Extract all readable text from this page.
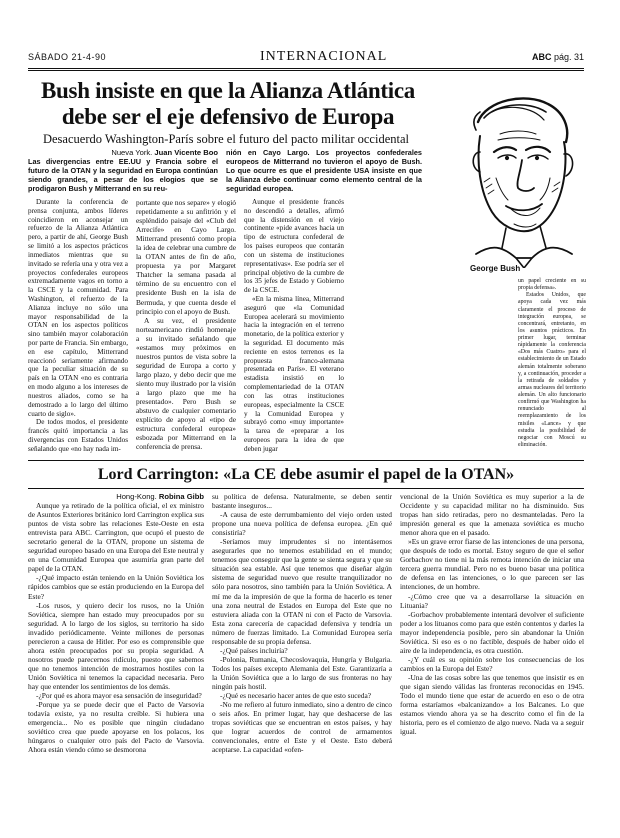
SÁBADO 21-4-90	INTERNACIONAL	ABC pág. 31
Bush insiste en que la Alianza Atlántica
debe ser el eje defensivo de Europa
Desacuerdo Washington-París sobre el futuro del pacto militar occidental
George Bush
Nueva York. Juan Vicente Boo

Las divergencias entre EE.UU y Francia sobre el futuro de la OTAN y la seguridad en Europa continúan siendo grandes, a pesar de los elogios que se prodigaron Bush y Mitterrand en su reu-

nión en Cayo Largo. Los proyectos confederales europeos de Mitterrand no tuvieron el apoyo de Bush. Lo que ocurre es que el presidente USA insiste en que la Alianza debe continuar como elemento central de la seguridad europea.

Durante la conferencia de prensa conjunta, ambos líderes coincidieron en aconsejar un refuerzo de la Alianza Atlántica pero, a partir de ahí, George Bush se limitó a los aspectos prácticos inmediatos mientras que su invitado se refería una y otra vez a proyectos confederales europeos extremadamente vagos en torno a la CSCE y la comunidad. Para Washington, el refuerzo de la Alianza incluye no sólo una mayor responsabilidad de la OTAN en los aspectos políticos sino también mayor colaboración por parte de Francia. Sin embargo, en ese capítulo, Mitterrand reaccionó seriamente afirmando que la peculiar situación de su país en la OTAN «no es contraria en modo alguno a los intereses de nuestros aliados, como se ha demostrado a lo largo del último cuarto de siglo».

De todos modos, el presidente francés quitó importancia a las divergencias con Estados Unidos señalando que «no hay nada im-

portante que nos separe» y elogió repetidamente a su anfitrión y el espléndido paisaje del «Club del Arrecife» en Cayo Largo. Mitterrand presentó como propia la idea de celebrar una cumbre de la OTAN antes de fin de año, propuesta ya por Margaret Thatcher la semana pasada al término de su encuentro con el presidente Bush en la isla de Bermuda, y que cuenta desde el principio con el apoyo de Bush.

A su vez, el presidente norteamericano rindió homenaje a su invitado señalando que «estamos muy próximos en nuestros puntos de vista sobre la seguridad de Europa a corto y largo plazo, y debo decir que me siento muy ilustrado por la visión a largo plazo que me ha presentado». Pero Bush se abstuvo de cualquier comentario explícito de apoyo al «tipo de estructura confederal europea» esbozada por Mitterrand en la conferencia de prensa.

Aunque el presidente francés no descendió a detalles, afirmó que la distensión en el viejo continente «pide avances hacia un tipo de estructura confederal de los países europeos que contarán con un sistema de instituciones representativas». Ese podría ser el principal objetivo de la cumbre de los 35 jefes de Estado y Gobierno de la CSCE.

«En la misma línea, Mitterrand aseguró que «la Comunidad Europea acelerará su movimiento hacia la integración en el terreno monetario, de la política exterior y la seguridad. El documento más reciente en estos terrenos es la propuesta franco-alemana presentada en París». El veterano estadista insistió en lo complementariedad de la OTAN con las otras instituciones europeas, especialmente la CSCE y la Comunidad Europea y subrayó como «muy importante» la tarea de «preparar a los europeos para la idea de que deben jugar

un papel creciente en su propia defensa».

Estados Unidos, que apoya cada vez más claramente el proceso de integración europea, se concentrará, entretanto, en los asuntos prácticos. En primer lugar, terminar rápidamente la conferencia «Dos más Cuatro» para el establecimiento de un Estado alemán totalmente soberano y, a continuación, proceder a la retirada de soldados y armas nucleares del territorio alemán. Un alto funcionario confirmó que Washington ha renunciado al reemplazamiento de los misiles «Lance» y que estudia la posibilidad de negociar con Moscú su eliminación.

Lord Carrington: «La CE debe asumir el papel de la OTAN»
Hong-Kong. Robina Gibb

Aunque ya retirado de la política oficial, el ex ministro de Asuntos Exteriores británico lord Carrington explica sus puntos de vista sobre las relaciones Este-Oeste en esta entrevista para ABC. Carrington, que ocupó el puesto de secretario general de la OTAN, propone un sistema de seguridad europeo basado en una Europa del Este neutral y en una Comunidad Europea que asumiría gran parte del papel de la OTAN.

-¿Qué impacto están teniendo en la Unión Soviética los rápidos cambios que se están produciendo en la Europa del Este?

-Los rusos, y quiero decir los rusos, no la Unión Soviética, siempre han estado muy preocupados por su seguridad. A lo largo de los siglos, su territorio ha sido invadido periódicamente. Veinte millones de personas perecieron a causa de Hitler. Por eso es comprensible que ahora estén preocupados por su propia seguridad. A nosotros puede parecernos ridículo, puesto que sabemos que no tenemos intención de mostrarnos hostiles con la Unión Soviética ni tenemos la capacidad necesaria. Pero hay que entender los sentimientos de los demás.

-¿Por qué es ahora mayor esa sensación de inseguridad?

-Porque ya se puede decir que el Pacto de Varsovia todavía existe, ya no resulta creíble. Si hubiera una emergencia... No es posible que ningún ciudadano soviético crea que puede apoyarse en los polacos, los húngaros o cualquier otro país del Pacto de Varsovia. Ahora están viendo cómo se desmorona

su política de defensa. Naturalmente, se deben sentir bastante inseguros...

-A causa de este derrumbamiento del viejo orden usted propone una nueva política de defensa europea. ¿En qué consistiría?

-Seríamos muy imprudentes si no intentásemos asegurarles que no tenemos estabilidad en el mundo; tenemos que conseguir que la gente se sienta segura y que su situación sea estable. Así que tenemos que diseñar algún sistema de seguridad nuevo que resulte tranquilizador no sólo para nosotros, sino también para la Unión Soviética. A mí me da la impresión de que la forma de hacerlo es tener una zona neutral de Estados en Europa del Este que no estuviera aliada con la OTAN ni con el Pacto de Varsovia. Esta zona carecería de capacidad defensiva y tendría un número de fuerzas limitado. La Comunidad Europea sería responsable de su propia defensa.

-¿Qué países incluiría?

-Polonia, Rumania, Checoslovaquia, Hungría y Bulgaria. Todos los países excepto Alemania del Este. Garantizaría a la Unión Soviética que a lo largo de sus fronteras no hay ningún país hostil.

-¿Qué es necesario hacer antes de que esto suceda?

-No me refiero al futuro inmediato, sino a dentro de cinco o seis años. En primer lugar, hay que deshacerse de las tropas soviéticas que se encuentran en estos países, y hay que lograr acuerdos de control de armamentos convencionales, entre el Este y el Oeste. Esto deberá aceptarse. La capacidad «ofen-

vencional de la Unión Soviética es muy superior a la de Occidente y su capacidad militar no ha disminuido. Sus tropas han sido retiradas, pero no desmanteladas. Pero la impresión general es que la amenaza soviética es mucho menor ahora que en el pasado.

»Es un grave error fiarse de las intenciones de una persona, que después de todo es mortal. Estoy seguro de que el señor Gorbachov no tiene ni la más remota intención de iniciar una tercera guerra mundial. Pero no es bueno basar una política de defensa en las intenciones, o lo que parecen ser las intenciones, de un hombre.

-¿Cómo cree que va a desarrollarse la situación en Lituania?

-Gorbachov probablemente intentará devolver el suficiente poder a los lituanos como para que estén contentos y darles la mayor independencia posible, pero sin abandonar la Unión Soviética. Si eso es o no factible, después de haber oído el aire de la independencia, es otra cuestión.

-¿Y cuál es su opinión sobre los consecuencias de los cambios en la Europa del Este?

-Una de las cosas sobre las que tenemos que insistir es en que sigan siendo válidas las fronteras reconocidas en 1945. Todo el mundo tiene que estar de acuerdo en eso o de otra forma estaríamos «balcanizando» a los Balcanes. Lo que estamos viendo ahora ya se ha descrito como el fin de la historia, pero es el comienzo de algo nuevo. Nada va a seguir igual.
